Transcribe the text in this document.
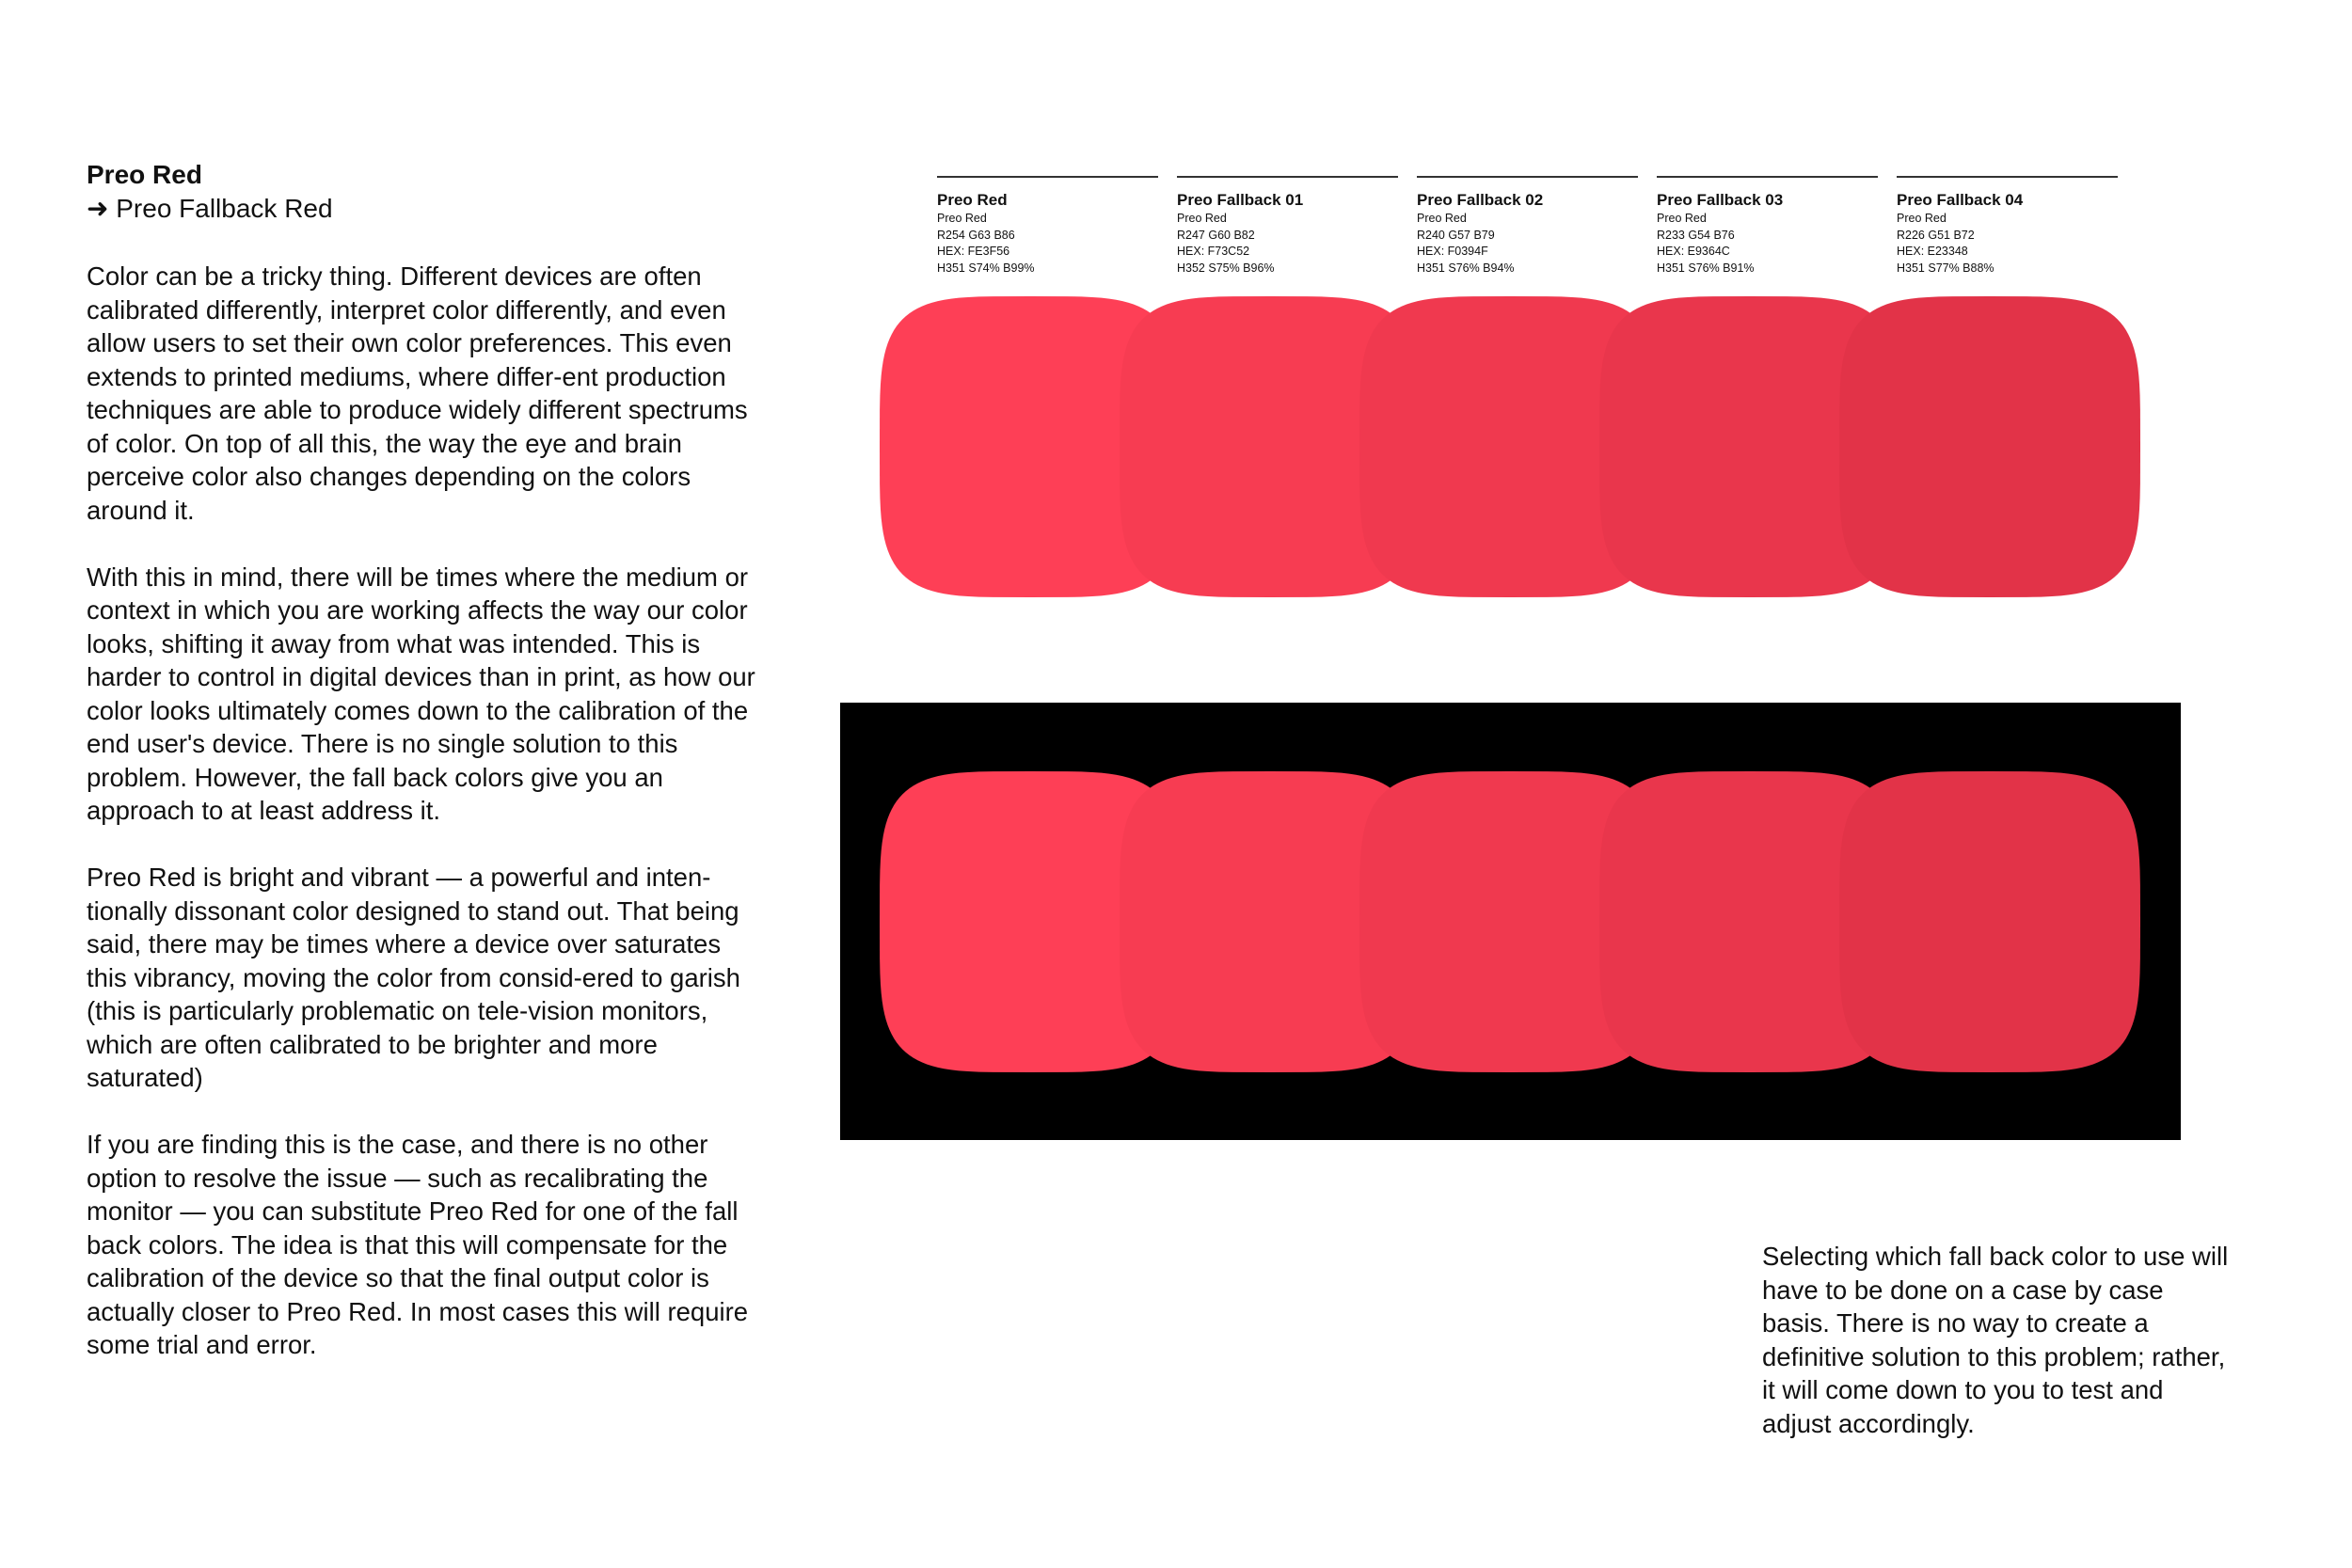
Preo Red

➜ Preo Fallback Red

Color can be a tricky thing. Different devices are often calibrated differently, interpret color differently, and even allow users to set their own color preferences. This even extends to printed mediums, where differ-ent production techniques are able to produce widely different spectrums of color. On top of all this, the way the eye and brain perceive color also changes depending on the colors around it.

With this in mind, there will be times where the medium or context in which you are working affects the way our color looks, shifting it away from what was intended. This is harder to control in digital devices than in print, as how our color looks ultimately comes down to the calibration of the end user's device. There is no single solution to this problem. However, the fall back colors give you an approach to at least address it.

Preo Red is bright and vibrant — a powerful and inten-tionally dissonant color designed to stand out. That being said, there may be times where a device over saturates this vibrancy, moving the color from consid-ered to garish (this is particularly problematic on tele-vision monitors, which are often calibrated to be brighter and more saturated)

If you are finding this is the case, and there is no other option to resolve the issue — such as recalibrating the monitor — you can substitute Preo Red for one of the fall back colors. The idea is that this will compensate for the calibration of the device so that the final output color is actually closer to Preo Red. In most cases this will require some trial and error.

Preo Red
Preo Red
R254 G63 B86
HEX: FE3F56
H351 S74% B99%
Preo Fallback 01
Preo Red
R247 G60 B82
HEX: F73C52
H352 S75% B96%
Preo Fallback 02
Preo Red
R240 G57 B79
HEX: F0394F
H351 S76% B94%
Preo Fallback 03
Preo Red
R233 G54 B76
HEX: E9364C
H351 S76% B91%
Preo Fallback 04
Preo Red
R226 G51 B72
HEX: E23348
H351 S77% B88%

Selecting which fall back color to use will have to be done on a case by case basis. There is no way to create a definitive solution to this problem; rather, it will come down to you to test and adjust accordingly.
